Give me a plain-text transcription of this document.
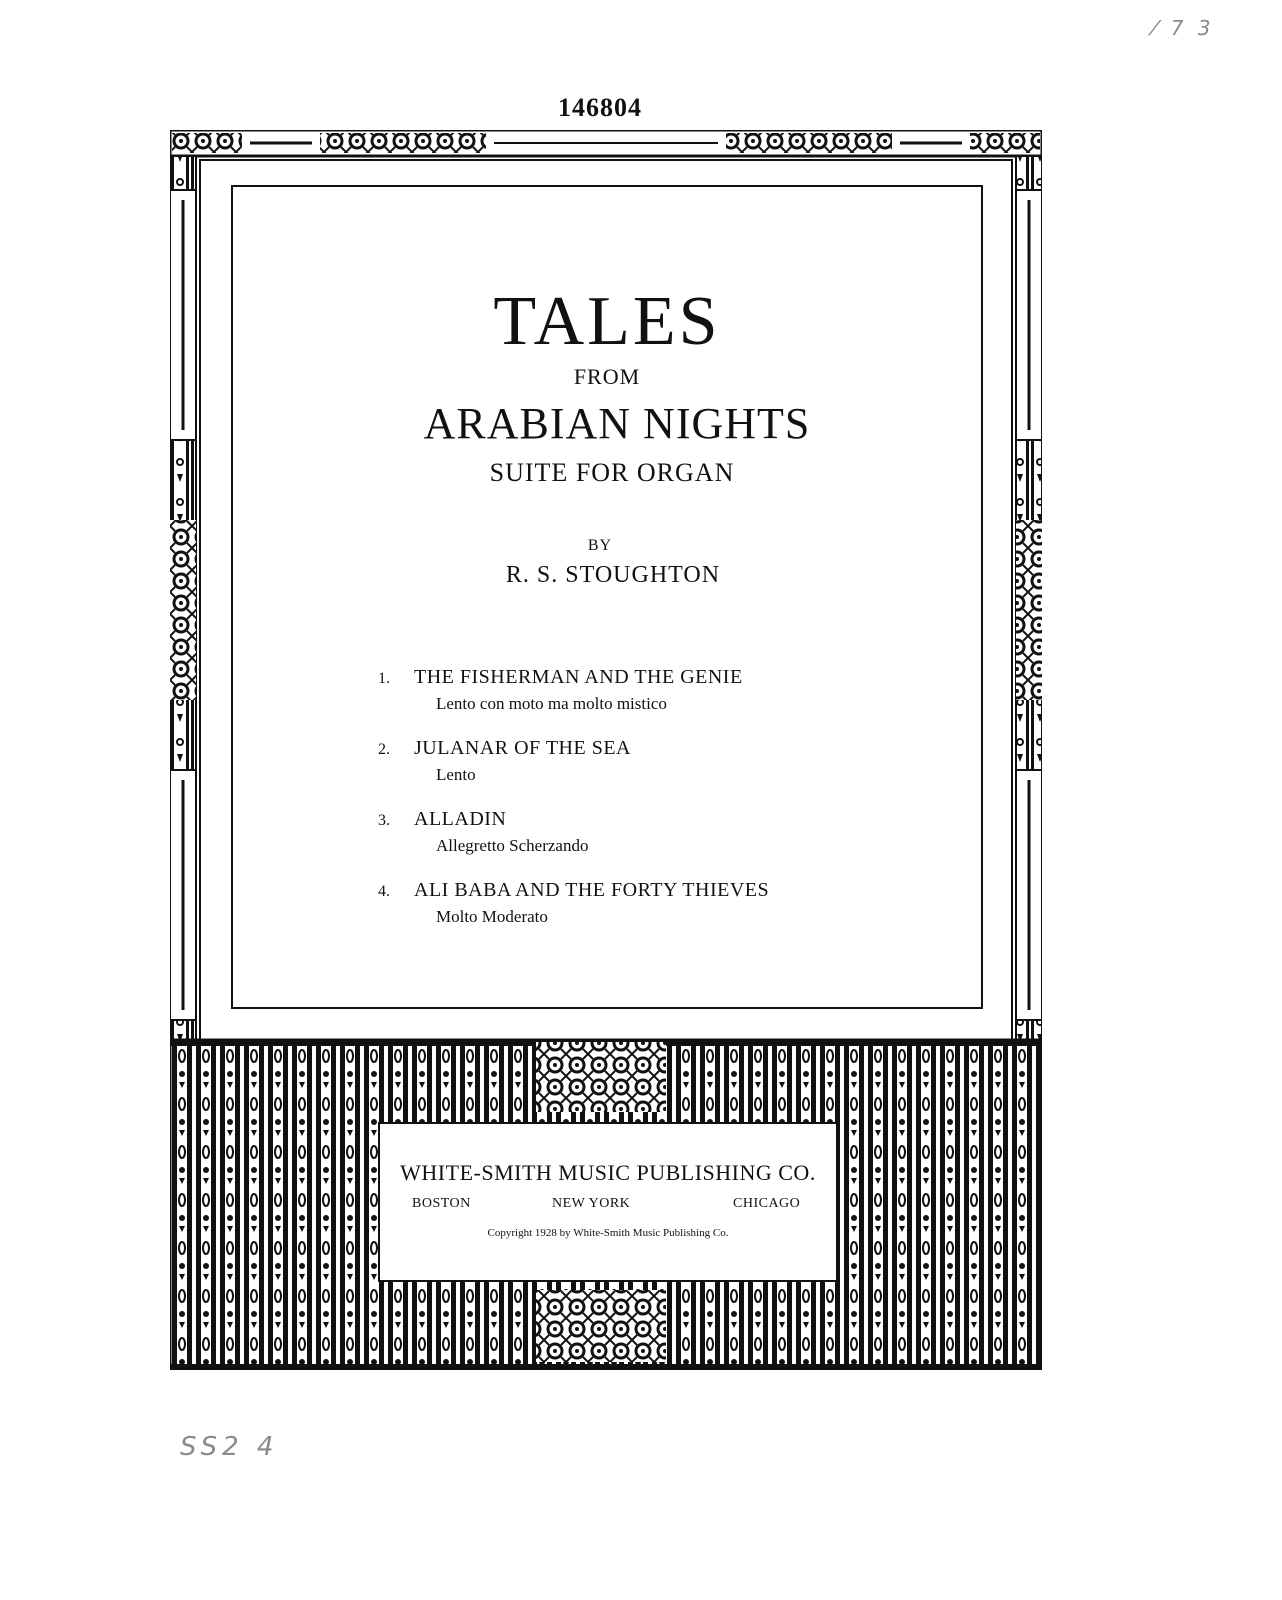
146804
⁄ 7 3
TALES
FROM
ARABIAN NIGHTS
SUITE FOR ORGAN
BY
R. S. STOUGHTON
1. THE FISHERMAN AND THE GENIE
Lento con moto ma molto mistico
2. JULANAR OF THE SEA
Lento
3. ALLADIN
Allegretto Scherzando
4. ALI BABA AND THE FORTY THIEVES
Molto Moderato
WHITE-SMITH MUSIC PUBLISHING CO.
BOSTON	NEW YORK	CHICAGO
Copyright 1928 by White-Smith Music Publishing Co.
SS2 4
